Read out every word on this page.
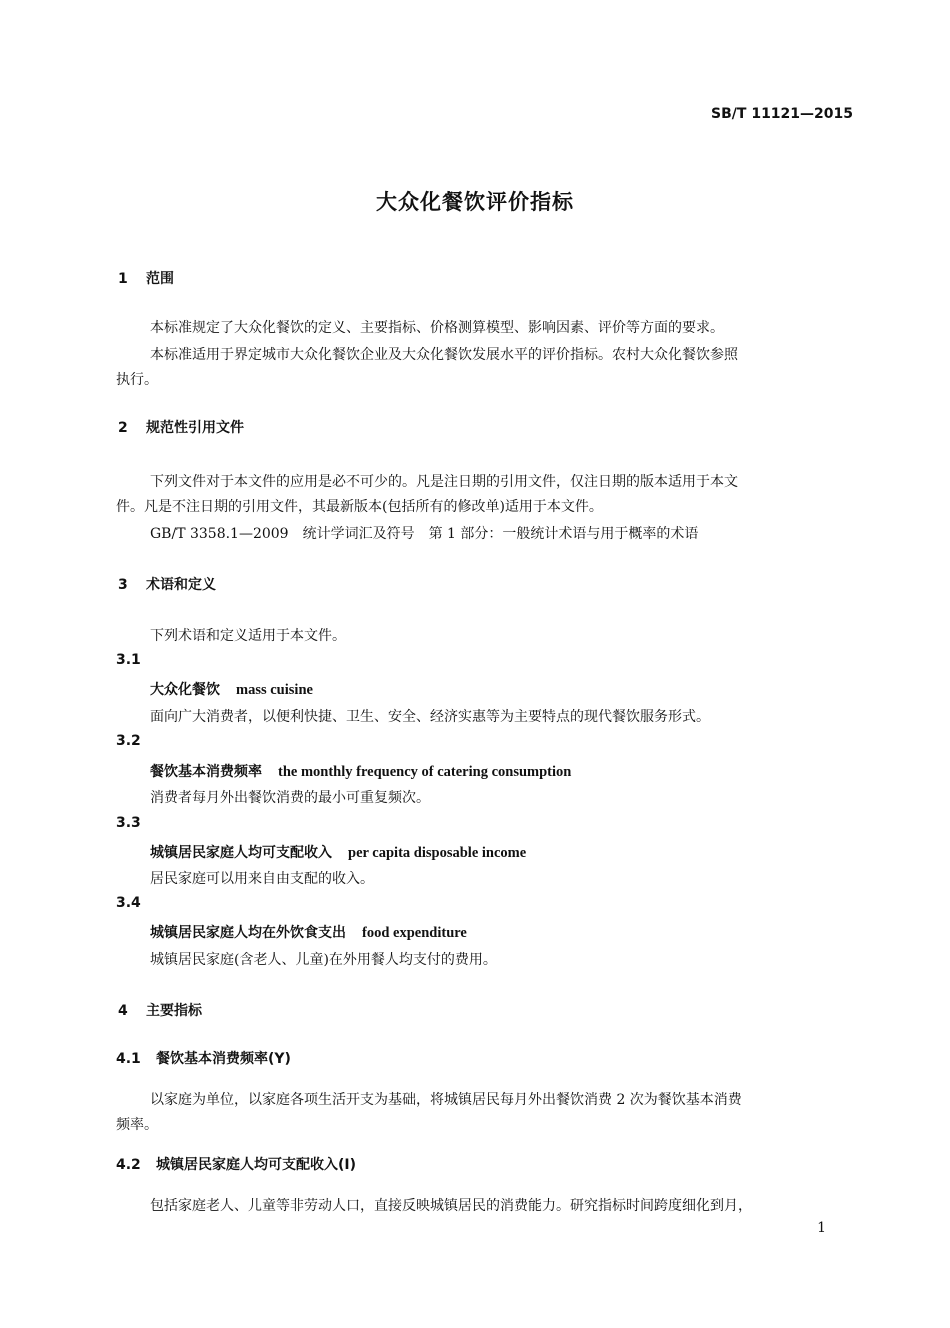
SB/T 11121—2015
大众化餐饮评价指标
1 范围
本标准规定了大众化餐饮的定义、主要指标、价格测算模型、影响因素、评价等方面的要求。
本标准适用于界定城市大众化餐饮企业及大众化餐饮发展水平的评价指标。农村大众化餐饮参照
执行。
2 规范性引用文件
下列文件对于本文件的应用是必不可少的。凡是注日期的引用文件，仅注日期的版本适用于本文
件。凡是不注日期的引用文件，其最新版本(包括所有的修改单)适用于本文件。
GB/T 3358.1—2009　统计学词汇及符号　第 1 部分：一般统计术语与用于概率的术语
3 术语和定义
下列术语和定义适用于本文件。
3.1
大众化餐饮 mass cuisine
面向广大消费者，以便利快捷、卫生、安全、经济实惠等为主要特点的现代餐饮服务形式。
3.2
餐饮基本消费频率 the monthly frequency of catering consumption
消费者每月外出餐饮消费的最小可重复频次。
3.3
城镇居民家庭人均可支配收入 per capita disposable income
居民家庭可以用来自由支配的收入。
3.4
城镇居民家庭人均在外饮食支出 food expenditure
城镇居民家庭(含老人、儿童)在外用餐人均支付的费用。
4 主要指标
4.1 餐饮基本消费频率(Y)
以家庭为单位，以家庭各项生活开支为基础，将城镇居民每月外出餐饮消费 2 次为餐饮基本消费
频率。
4.2 城镇居民家庭人均可支配收入(I)
包括家庭老人、儿童等非劳动人口，直接反映城镇居民的消费能力。研究指标时间跨度细化到月，
1
